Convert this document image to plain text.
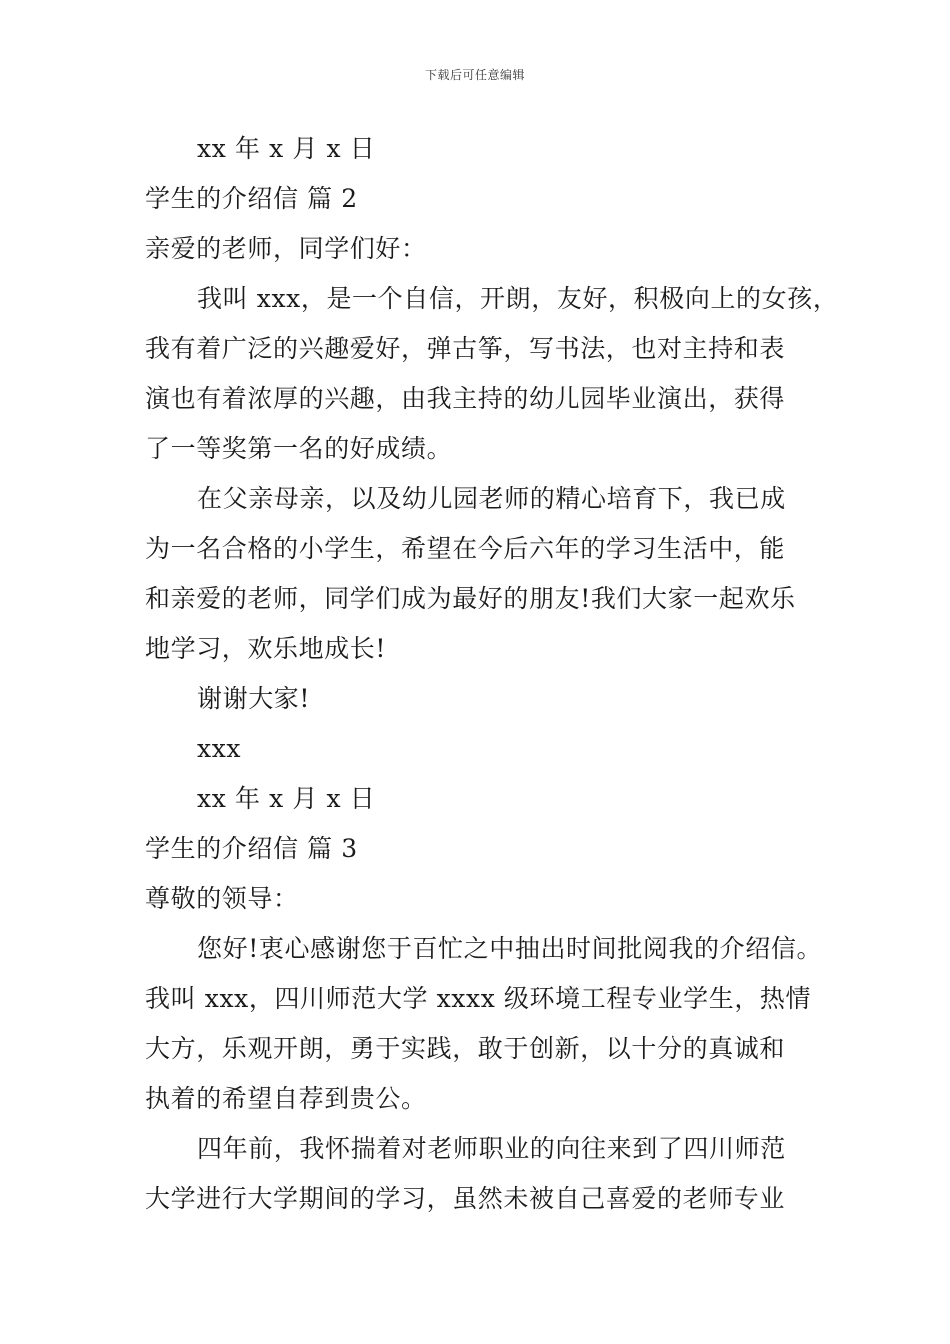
下载后可任意编辑
xx 年 x 月 x 日
学生的介绍信 篇 2
亲爱的老师，同学们好：
我叫 xxx，是一个自信，开朗，友好，积极向上的女孩，
我有着广泛的兴趣爱好，弹古筝，写书法，也对主持和表
演也有着浓厚的兴趣，由我主持的幼儿园毕业演出，获得
了一等奖第一名的好成绩。
在父亲母亲，以及幼儿园老师的精心培育下，我已成
为一名合格的小学生，希望在今后六年的学习生活中，能
和亲爱的老师，同学们成为最好的朋友!我们大家一起欢乐
地学习，欢乐地成长!
谢谢大家!
xxx
xx 年 x 月 x 日
学生的介绍信 篇 3
尊敬的领导：
您好!衷心感谢您于百忙之中抽出时间批阅我的介绍信。
我叫 xxx，四川师范大学 xxxx 级环境工程专业学生，热情
大方，乐观开朗，勇于实践，敢于创新，以十分的真诚和
执着的希望自荐到贵公。
四年前，我怀揣着对老师职业的向往来到了四川师范
大学进行大学期间的学习，虽然未被自己喜爱的老师专业
